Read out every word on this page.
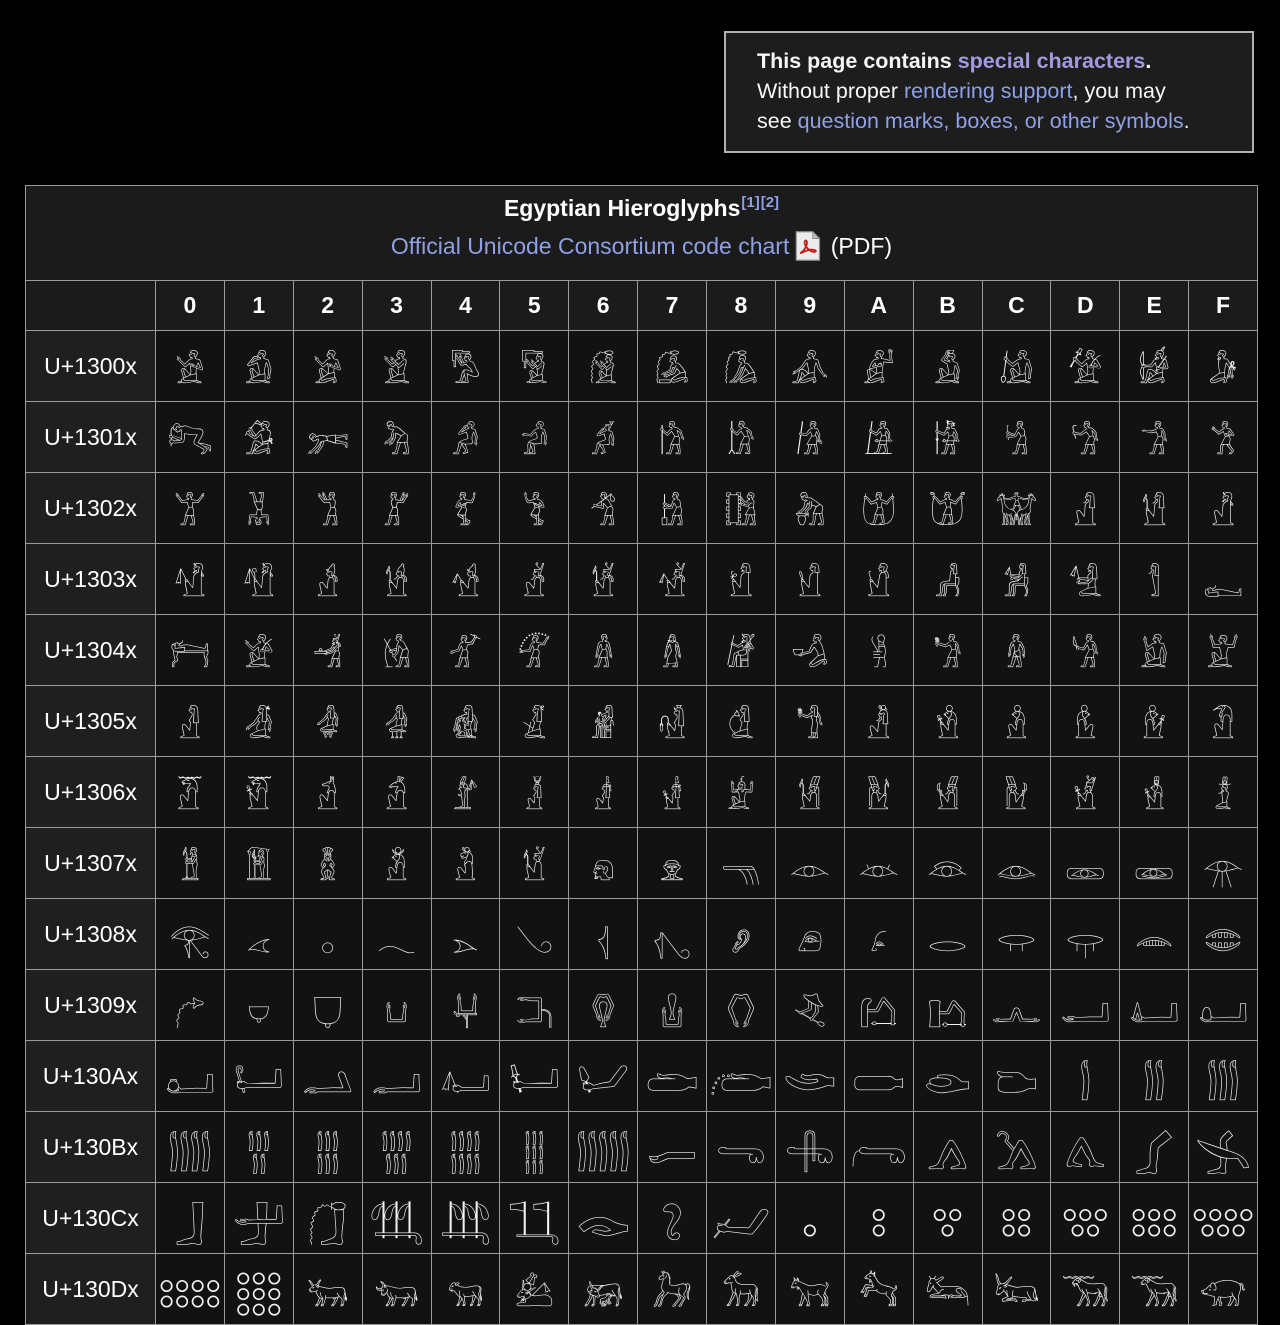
This page contains special characters.
Without proper rendering support, you may
see question marks, boxes, or other symbols.
Egyptian Hieroglyphs[1][2]
Official Unicode Consortium code chart (PDF)																

	0	1	2	3	4	5	6	7	8	9	A	B	C	D	E	F
U+1300x	𓀀	𓀁	𓀂	𓀃	𓀄	𓀅	𓀆	𓀇	𓀈	𓀉	𓀊	𓀋	𓀌	𓀍	𓀎	𓀏
U+1301x	𓀐	𓀑	𓀒	𓀓	𓀔	𓀕	𓀖	𓀗	𓀘	𓀙	𓀚	𓀛	𓀜	𓀝	𓀞	𓀟
U+1302x	𓀠	𓀡	𓀢	𓀣	𓀤	𓀥	𓀦	𓀧	𓀨	𓀩	𓀪	𓀫	𓀬	𓀭	𓀮	𓀯
U+1303x	𓀰	𓀱	𓀲	𓀳	𓀴	𓀵	𓀶	𓀷	𓀸	𓀹	𓀺	𓀻	𓀼	𓀽	𓀾	𓀿
U+1304x	𓁀	𓁁	𓁂	𓁃	𓁄	𓁅	𓁆	𓁇	𓁈	𓁉	𓁊	𓁋	𓁌	𓁍	𓁎	𓁏
U+1305x	𓁐	𓁑	𓁒	𓁓	𓁔	𓁕	𓁖	𓁗	𓁘	𓁙	𓁚	𓁛	𓁜	𓁝	𓁞	𓁟
U+1306x	𓁠	𓁡	𓁢	𓁣	𓁤	𓁥	𓁦	𓁧	𓁨	𓁩	𓁪	𓁫	𓁬	𓁭	𓁮	𓁯
U+1307x	𓁰	𓁱	𓁲	𓁳	𓁴	𓁵	𓁶	𓁷	𓁸	𓁹	𓁺	𓁻	𓁼	𓁽	𓁾	𓁿
U+1308x	𓂀	𓂁	𓂂	𓂃	𓂄	𓂅	𓂆	𓂇	𓂈	𓂉	𓂊	𓂋	𓂌	𓂍	𓂎	𓂏
U+1309x	𓂐	𓂑	𓂒	𓂓	𓂔	𓂕	𓂖	𓂗	𓂘	𓂙	𓂚	𓂛	𓂜	𓂝	𓂞	𓂟
U+130Ax	𓂠	𓂡	𓂢	𓂣	𓂤	𓂥	𓂦	𓂧	𓂨	𓂩	𓂪	𓂫	𓂬	𓂭	𓂮	𓂯
U+130Bx	𓂰	𓂱	𓂲	𓂳	𓂴	𓂵	𓂶	𓂷	𓂸	𓂹	𓂺	𓂻	𓂼	𓂽	𓂾	𓂿
U+130Cx	𓃀	𓃁	𓃂	𓃃	𓃄	𓃅	𓃆	𓃇	𓃈	𓃉	𓃊	𓃋	𓃌	𓃍	𓃎	𓃏
U+130Dx	𓃐	𓃑	𓃒	𓃓	𓃔	𓃕	𓃖	𓃗	𓃘	𓃙	𓃚	𓃛	𓃜	𓃝	𓃞	𓃟
